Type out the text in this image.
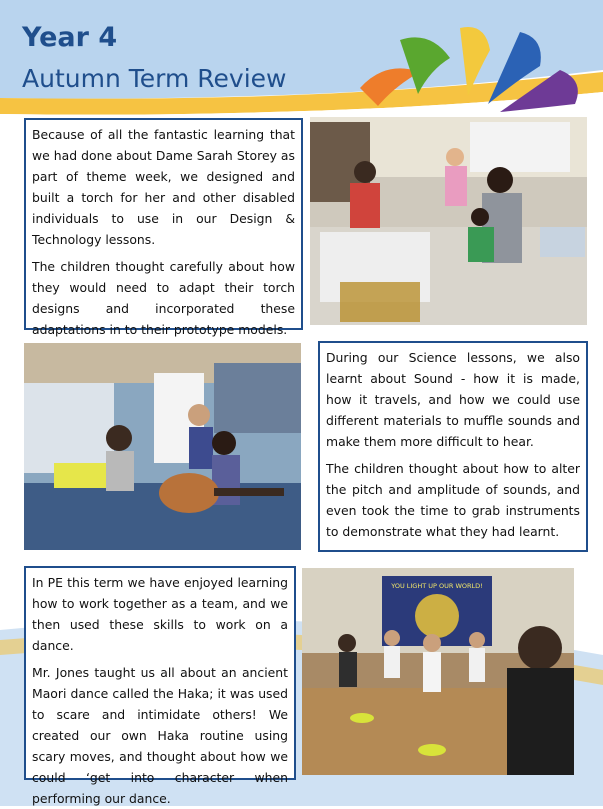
Year 4
Autumn Term Review

Because of all the fantastic learning that we had done about Dame Sarah Storey as part of theme week, we designed and built a torch for her and other disabled individuals to use in our Design & Technology lessons.

The children thought carefully about how they would need to adapt their torch designs and incorporated these adaptations in to their prototype models.

During our Science lessons, we also learnt about Sound - how it is made, how it travels, and how we could use different materials to muffle sounds and make them more difficult to hear.

The children thought about how to alter the pitch and amplitude of sounds, and even took the time to grab instruments to demonstrate what they had learnt.

In PE this term we have enjoyed learning how to work together as a team, and we then used these skills to work on a dance.

Mr. Jones taught us all about an ancient Maori dance called the Haka; it was used to scare and intimidate others! We created our own Haka routine using scary moves, and thought about how we could ‘get into character when performing our dance.

YOU LIGHT UP OUR WORLD!
